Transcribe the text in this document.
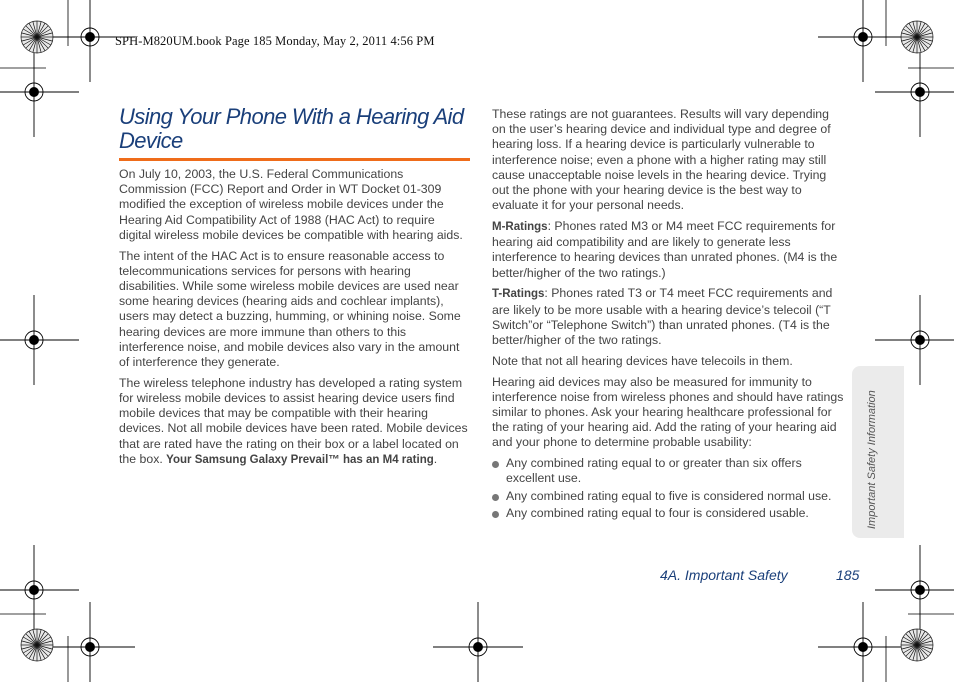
SPH-M820UM.book Page 185 Monday, May 2, 2011 4:56 PM
Using Your Phone With a Hearing Aid Device

On July 10, 2003, the U.S. Federal Communications Commission (FCC) Report and Order in WT Docket 01-309 modified the exception of wireless mobile devices under the Hearing Aid Compatibility Act of 1988 (HAC Act) to require digital wireless mobile devices be compatible with hearing aids.

The intent of the HAC Act is to ensure reasonable access to telecommunications services for persons with hearing disabilities. While some wireless mobile devices are used near some hearing devices (hearing aids and cochlear implants), users may detect a buzzing, humming, or whining noise. Some hearing devices are more immune than others to this interference noise, and mobile devices also vary in the amount of interference they generate.

The wireless telephone industry has developed a rating system for wireless mobile devices to assist hearing device users find mobile devices that may be compatible with their hearing devices. Not all mobile devices have been rated. Mobile devices that are rated have the rating on their box or a label located on the box. Your Samsung Galaxy Prevail™ has an M4 rating.

These ratings are not guarantees. Results will vary depending on the user’s hearing device and individual type and degree of hearing loss. If a hearing device is particularly vulnerable to interference noise; even a phone with a higher rating may still cause unacceptable noise levels in the hearing device. Trying out the phone with your hearing device is the best way to evaluate it for your personal needs.

M-Ratings: Phones rated M3 or M4 meet FCC requirements for hearing aid compatibility and are likely to generate less interference to hearing devices than unrated phones. (M4 is the better/higher of the two ratings.)

T-Ratings: Phones rated T3 or T4 meet FCC requirements and are likely to be more usable with a hearing device’s telecoil (“T Switch”or “Telephone Switch”) than unrated phones. (T4 is the better/higher of the two ratings.

Note that not all hearing devices have telecoils in them.

Hearing aid devices may also be measured for immunity to interference noise from wireless phones and should have ratings similar to phones. Ask your hearing healthcare professional for the rating of your hearing aid. Add the rating of your hearing aid and your phone to determine probable usability:

Any combined rating equal to or greater than six offers excellent use.
Any combined rating equal to five is considered normal use.
Any combined rating equal to four is considered usable.	Important Safety Information
4A. Important Safety	185
